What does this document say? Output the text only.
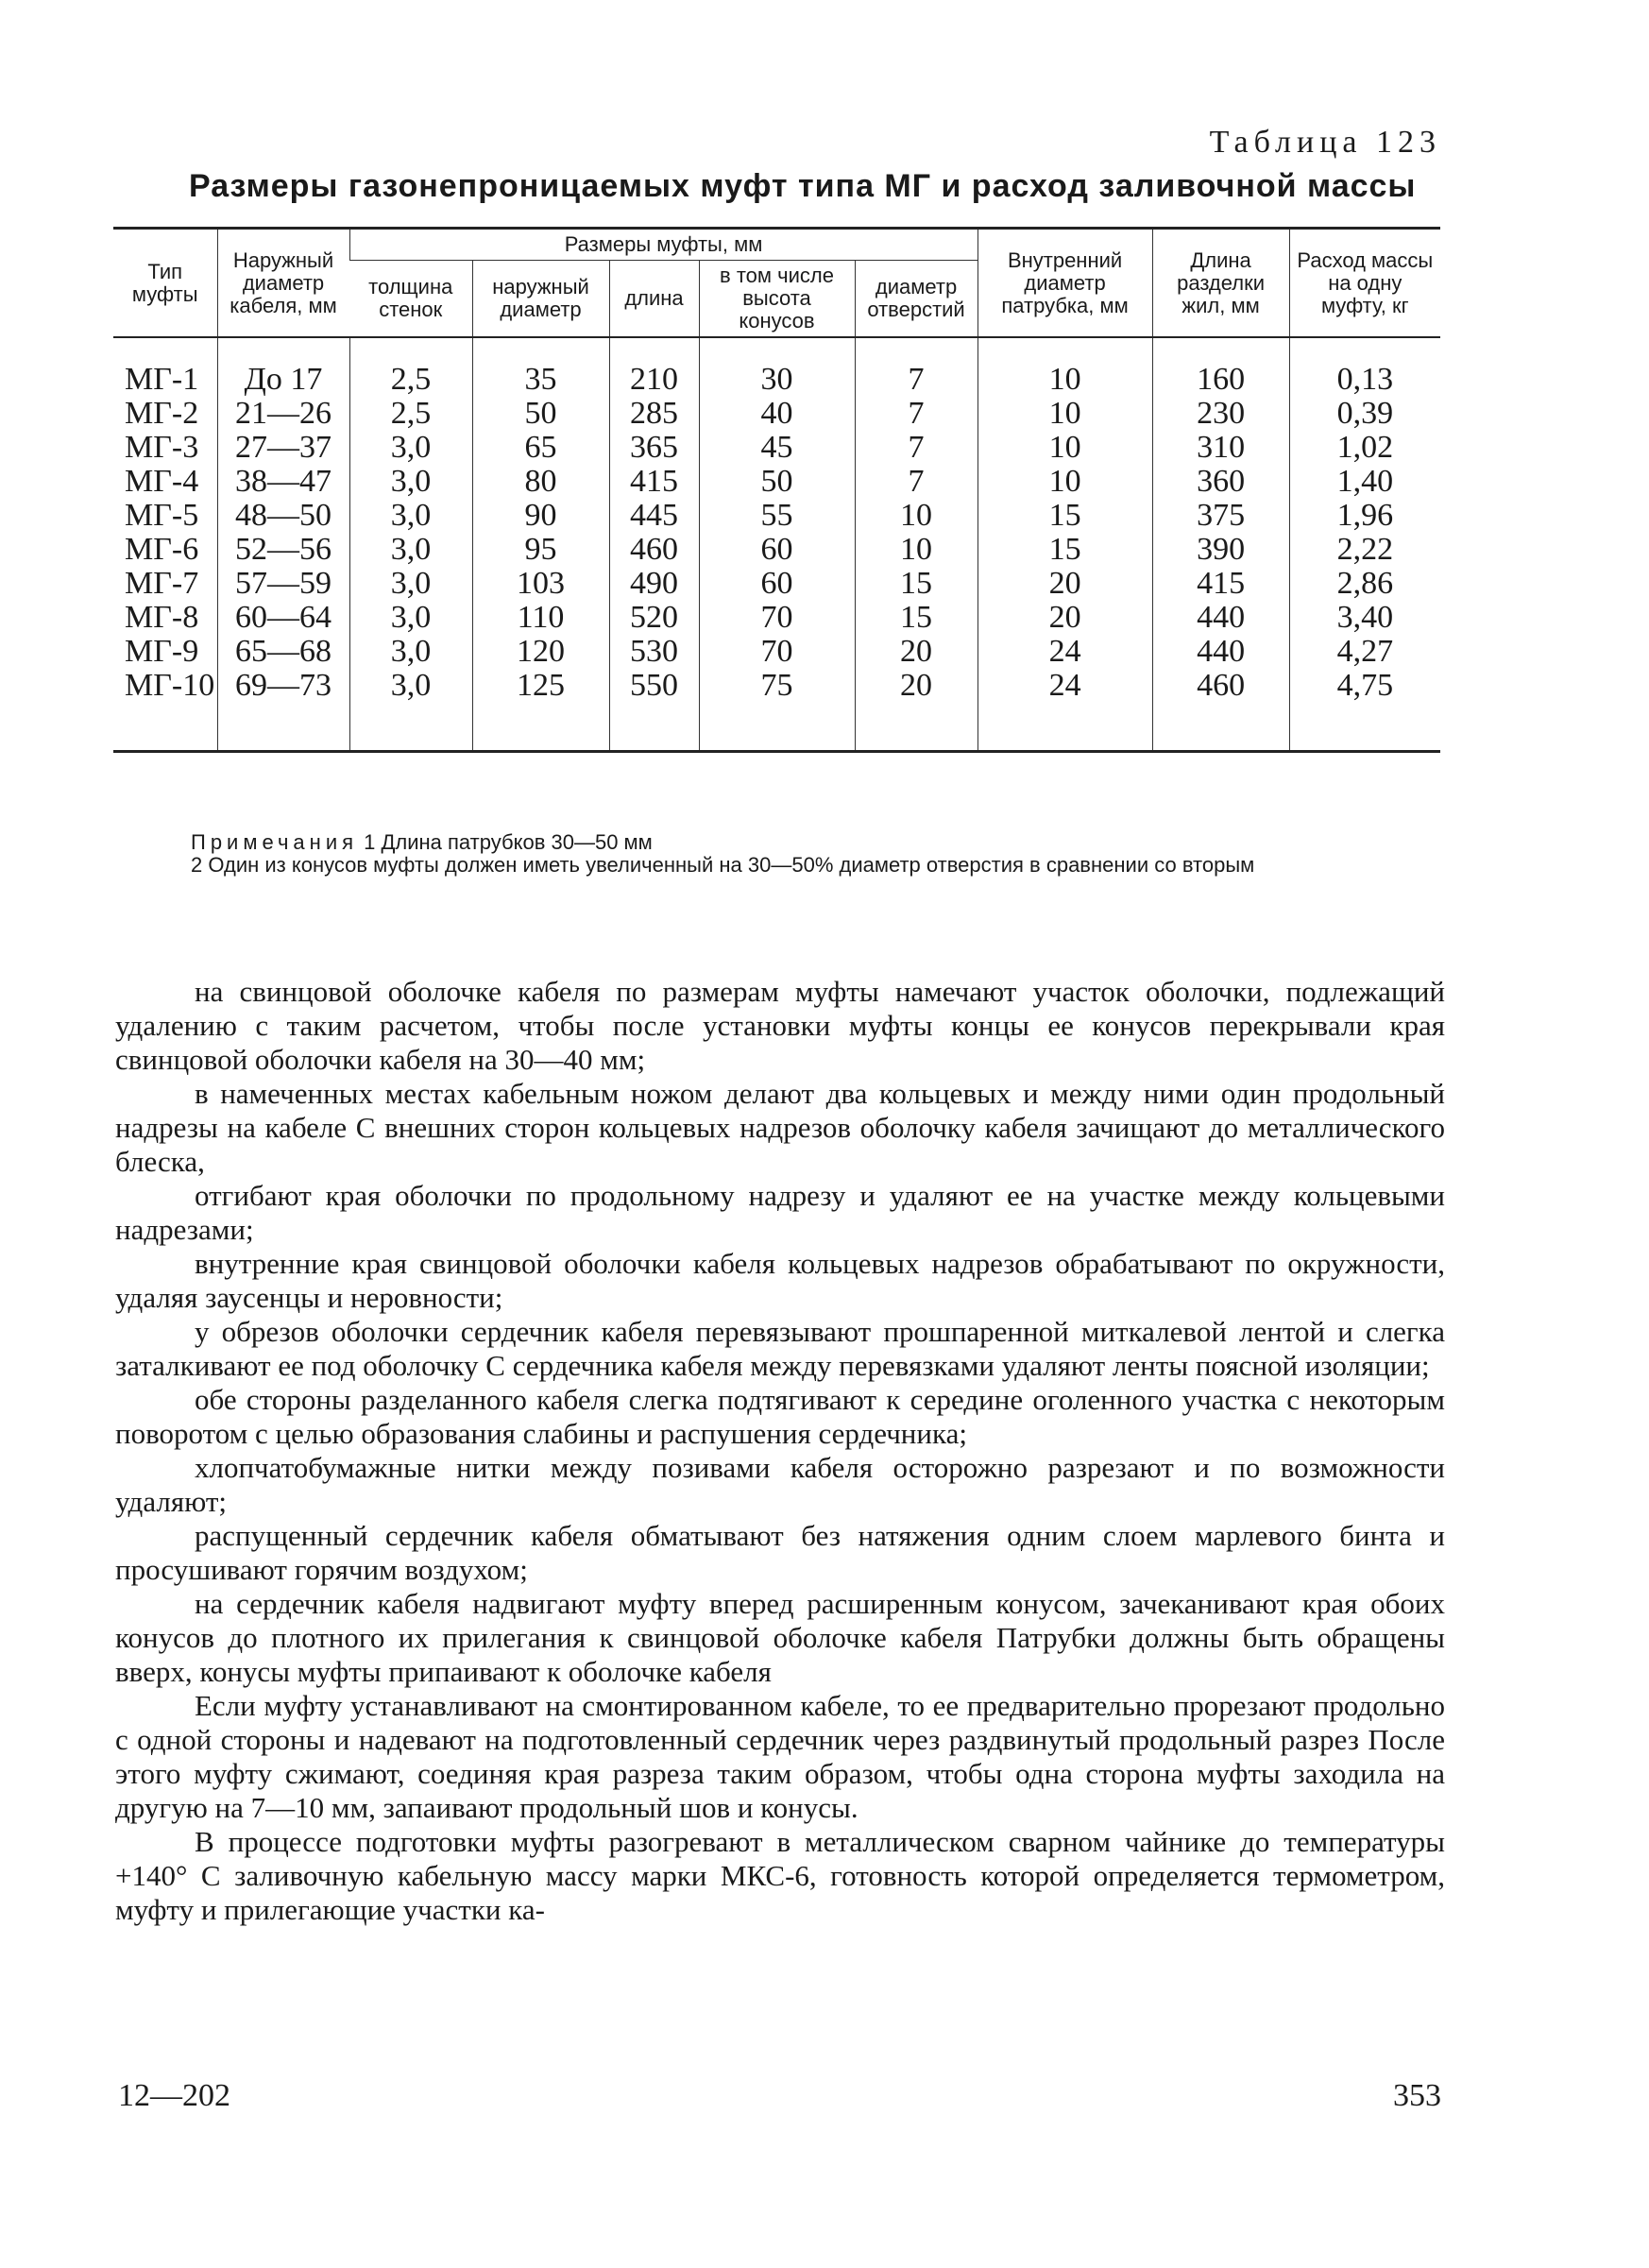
Таблица 123
Размеры газонепроницаемых муфт типа МГ и расход заливочной массы
Тип муфты	Наружный диаметр кабеля, мм	Размеры муфты, мм					Внутренний диаметр патрубка, мм	Длина разделки жил, мм	Расход массы на одну муфту, кг
		толщина стенок	наружный диаметр	длина	в том числе высота конусов	диаметр отверстий			
МГ-1	До 17	2,5	35	210	30	7	10	160	0,13
МГ-2	21—26	2,5	50	285	40	7	10	230	0,39
МГ-3	27—37	3,0	65	365	45	7	10	310	1,02
МГ-4	38—47	3,0	80	415	50	7	10	360	1,40
МГ-5	48—50	3,0	90	445	55	10	15	375	1,96
МГ-6	52—56	3,0	95	460	60	10	15	390	2,22
МГ-7	57—59	3,0	103	490	60	15	20	415	2,86
МГ-8	60—64	3,0	110	520	70	15	20	440	3,40
МГ-9	65—68	3,0	120	530	70	20	24	440	4,27
МГ-10	69—73	3,0	125	550	75	20	24	460	4,75
Примечания 1 Длина патрубков 30—50 мм
2 Один из конусов муфты должен иметь увеличенный на 30—50% диаметр отверстия в сравнении со вторым

на свинцовой оболочке кабеля по размерам муфты намечают участок оболочки, подлежащий удалению с таким расчетом, чтобы после установки муфты концы ее конусов перекрывали края свинцовой оболочки кабеля на 30—40 мм;

в намеченных местах кабельным ножом делают два кольцевых и между ними один продольный надрезы на кабеле С внешних сторон кольцевых надрезов оболочку кабеля зачищают до металлического блеска,

отгибают края оболочки по продольному надрезу и удаляют ее на участке между кольцевыми надрезами;

внутренние края свинцовой оболочки кабеля кольцевых надрезов обрабатывают по окружности, удаляя заусенцы и неровности;

у обрезов оболочки сердечник кабеля перевязывают прошпаренной миткалевой лентой и слегка заталкивают ее под оболочку С сердечника кабеля между перевязками удаляют ленты поясной изоляции;

обе стороны разделанного кабеля слегка подтягивают к середине оголенного участка с некоторым поворотом с целью образования слабины и распушения сердечника;

хлопчатобумажные нитки между позивами кабеля осторожно разрезают и по возможности удаляют;

распущенный сердечник кабеля обматывают без натяжения одним слоем марлевого бинта и просушивают горячим воздухом;

на сердечник кабеля надвигают муфту вперед расширенным конусом, зачеканивают края обоих конусов до плотного их прилегания к свинцовой оболочке кабеля Патрубки должны быть обращены вверх, конусы муфты припаивают к оболочке кабеля

Если муфту устанавливают на смонтированном кабеле, то ее предварительно прорезают продольно с одной стороны и надевают на подготовленный сердечник через раздвинутый продольный разрез После этого муфту сжимают, соединяя края разреза таким образом, чтобы одна сторона муфты заходила на другую на 7—10 мм, запаивают продольный шов и конусы.

В процессе подготовки муфты разогревают в металлическом сварном чайнике до температуры +140° С заливочную кабельную массу марки МКС-6, готовность которой определяется термометром, муфту и прилегающие участки ка-

12—202	353
